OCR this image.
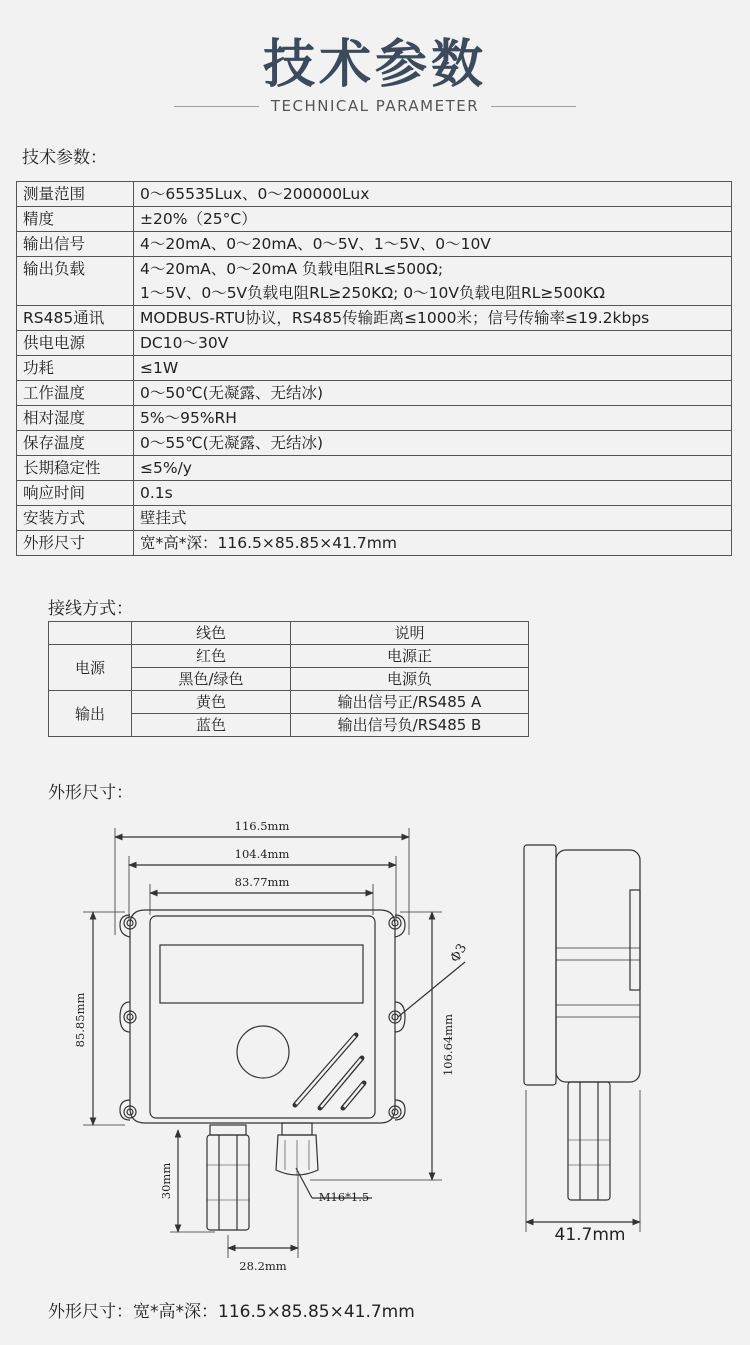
技术参数
TECHNICAL PARAMETER
技术参数：
测量范围	0～65535Lux、0～200000Lux
精度	±20%（25°C）
输出信号	4～20mA、0～20mA、0～5V、1～5V、0～10V
输出负载	4～20mA、0～20mA 负载电阻RL≤500Ω;
1～5V、0～5V负载电阻RL≥250KΩ; 0～10V负载电阻RL≥500KΩ

RS485通讯	MODBUS-RTU协议，RS485传输距离≤1000米；信号传输率≤19.2kbps
供电电源	DC10～30V
功耗	≤1W
工作温度	0～50℃(无凝露、无结冰)
相对湿度	5%～95%RH
保存温度	0～55℃(无凝露、无结冰)
长期稳定性	≤5%/y
响应时间	0.1s
安装方式	壁挂式
外形尺寸	宽*高*深：116.5×85.85×41.7mm
接线方式：
	线色	说明
电源	红色	电源正
	黑色/绿色	电源负
输出	黄色	输出信号正/RS485 A
	蓝色	输出信号负/RS485 B
外形尺寸：
116.5mm
104.4mm
83.77mm
85.85mm	106.64mm
Φ3
30mm
28.2mm
M16*1.5
41.7mm
外形尺寸：宽*高*深：116.5×85.85×41.7mm
